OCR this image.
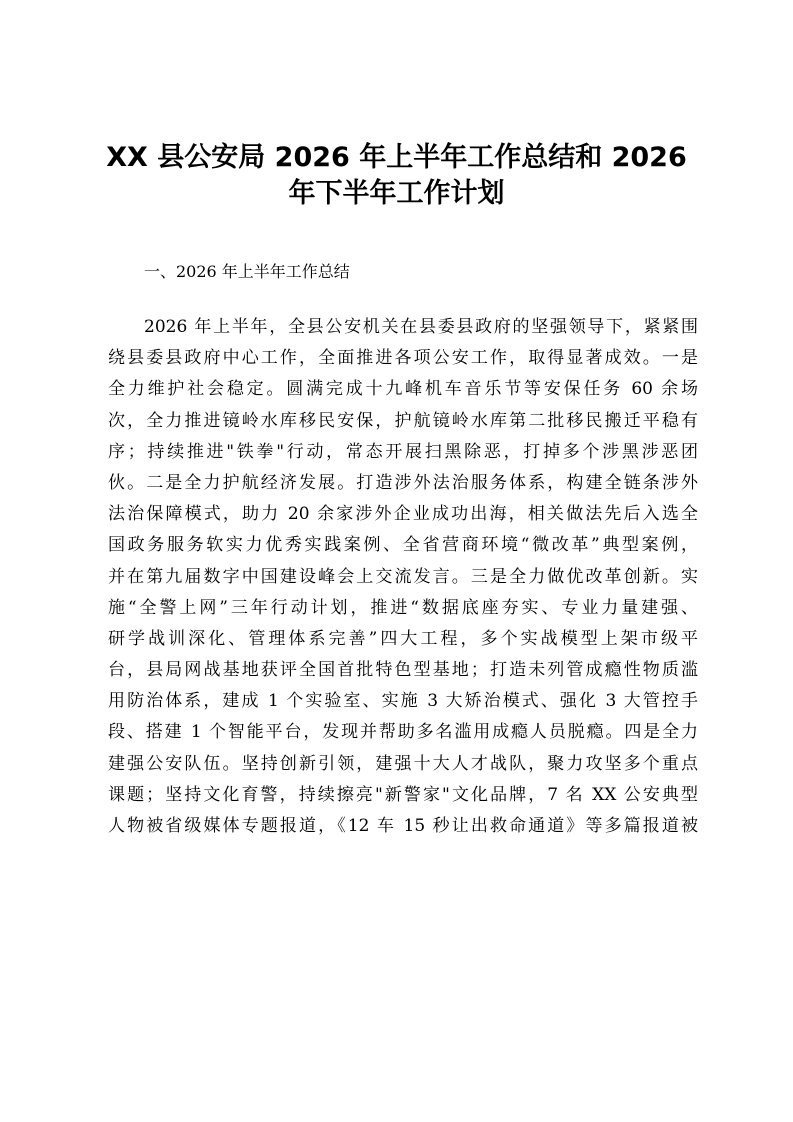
XX 县公安局 2026 年上半年工作总结和 2026
年下半年工作计划
一、2026 年上半年工作总结
2026 年上半年，全县公安机关在县委县政府的坚强领导下，紧紧围
绕县委县政府中心工作，全面推进各项公安工作，取得显著成效。一是
全力维护社会稳定。圆满完成十九峰机车音乐节等安保任务 60 余场
次，全力推进镜岭水库移民安保，护航镜岭水库第二批移民搬迁平稳有
序；持续推进"铁拳"行动，常态开展扫黑除恶，打掉多个涉黑涉恶团
伙。二是全力护航经济发展。打造涉外法治服务体系，构建全链条涉外
法治保障模式，助力 20 余家涉外企业成功出海，相关做法先后入选全
国政务服务软实力优秀实践案例、全省营商环境“微改革”典型案例，
并在第九届数字中国建设峰会上交流发言。三是全力做优改革创新。实
施“全警上网”三年行动计划，推进“数据底座夯实、专业力量建强、
研学战训深化、管理体系完善”四大工程，多个实战模型上架市级平
台，县局网战基地获评全国首批特色型基地；打造未列管成瘾性物质滥
用防治体系，建成 1 个实验室、实施 3 大矫治模式、强化 3 大管控手
段、搭建 1 个智能平台，发现并帮助多名滥用成瘾人员脱瘾。四是全力
建强公安队伍。坚持创新引领，建强十大人才战队，聚力攻坚多个重点
课题；坚持文化育警，持续擦亮"新警家"文化品牌，7 名 XX 公安典型
人物被省级媒体专题报道，《12 车 15 秒让出救命通道》等多篇报道被
